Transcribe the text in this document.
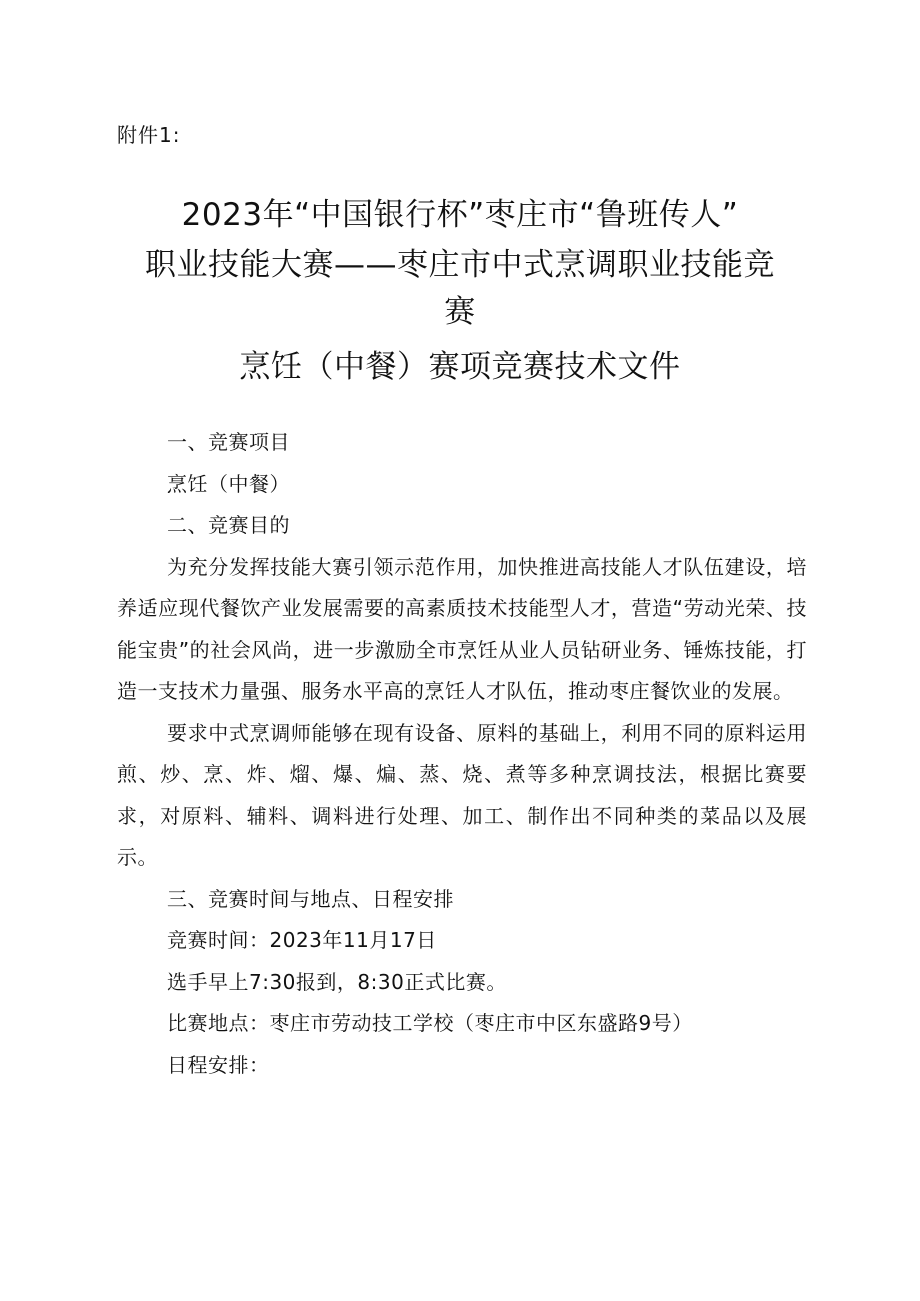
附件1:
2023年“中国银行杯”枣庄市“鲁班传人”
职业技能大赛——枣庄市中式烹调职业技能竞
赛
烹饪（中餐）赛项竞赛技术文件

一、竞赛项目

烹饪（中餐）

二、竞赛目的

为充分发挥技能大赛引领示范作用，加快推进高技能人才队伍建设，培养适应现代餐饮产业发展需要的高素质技术技能型人才，营造“劳动光荣、技能宝贵”的社会风尚，进一步激励全市烹饪从业人员钻研业务、锤炼技能，打造一支技术力量强、服务水平高的烹饪人才队伍，推动枣庄餐饮业的发展。

要求中式烹调师能够在现有设备、原料的基础上，利用不同的原料运用煎、炒、烹、炸、熘、爆、煸、蒸、烧、煮等多种烹调技法，根据比赛要求，对原料、辅料、调料进行处理、加工、制作出不同种类的菜品以及展示。

三、竞赛时间与地点、日程安排

竞赛时间：2023年11月17日

选手早上7:30报到，8:30正式比赛。

比赛地点：枣庄市劳动技工学校（枣庄市中区东盛路9号）

日程安排：
